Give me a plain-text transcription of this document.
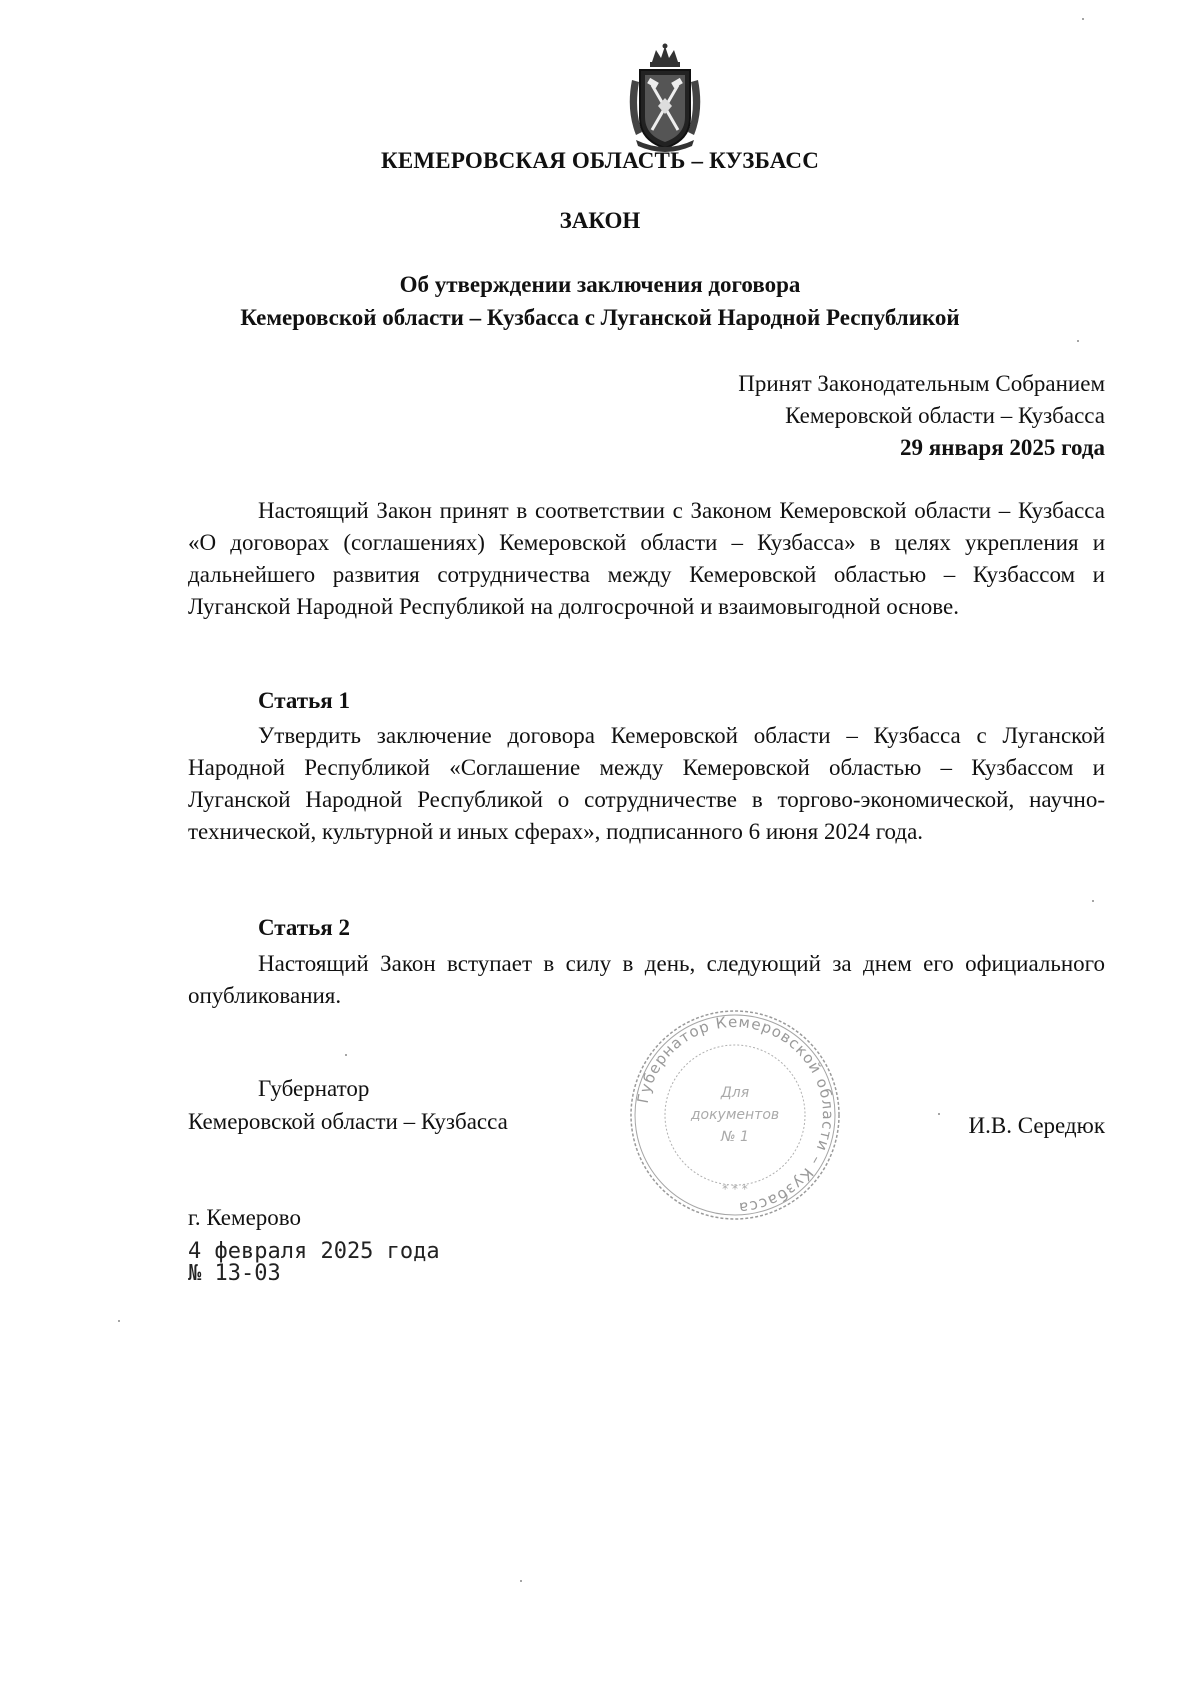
КЕМЕРОВСКАЯ ОБЛАСТЬ – КУЗБАСС
ЗАКОН
Об утверждении заключения договора
Кемеровской области – Кузбасса с Луганской Народной Республикой
Принят Законодательным Собранием
Кемеровской области – Кузбасса
29 января 2025 года
Настоящий Закон принят в соответствии с Законом Кемеровской области – Кузбасса «О договорах (соглашениях) Кемеровской области – Кузбасса» в целях укрепления и дальнейшего развития сотрудничества между Кемеровской областью – Кузбассом и Луганской Народной Республикой на долгосрочной и взаимовыгодной основе.
Статья 1
Утвердить заключение договора Кемеровской области – Кузбасса с Луганской Народной Республикой «Соглашение между Кемеровской областью – Кузбассом и Луганской Народной Республикой о сотрудничестве в торгово-экономической, научно-технической, культурной и иных сферах», подписанного 6 июня 2024 года.
Статья 2
Настоящий Закон вступает в силу в день, следующий за днем его официального опубликования.
Губернатор
Кемеровской области – Кузбасса	И.В. Середюк
Губернатор Кемеровской области – Кузбасса
Для
документов
№ 1
* * *
г. Кемерово
4 февраля 2025 года
№ 13-03
